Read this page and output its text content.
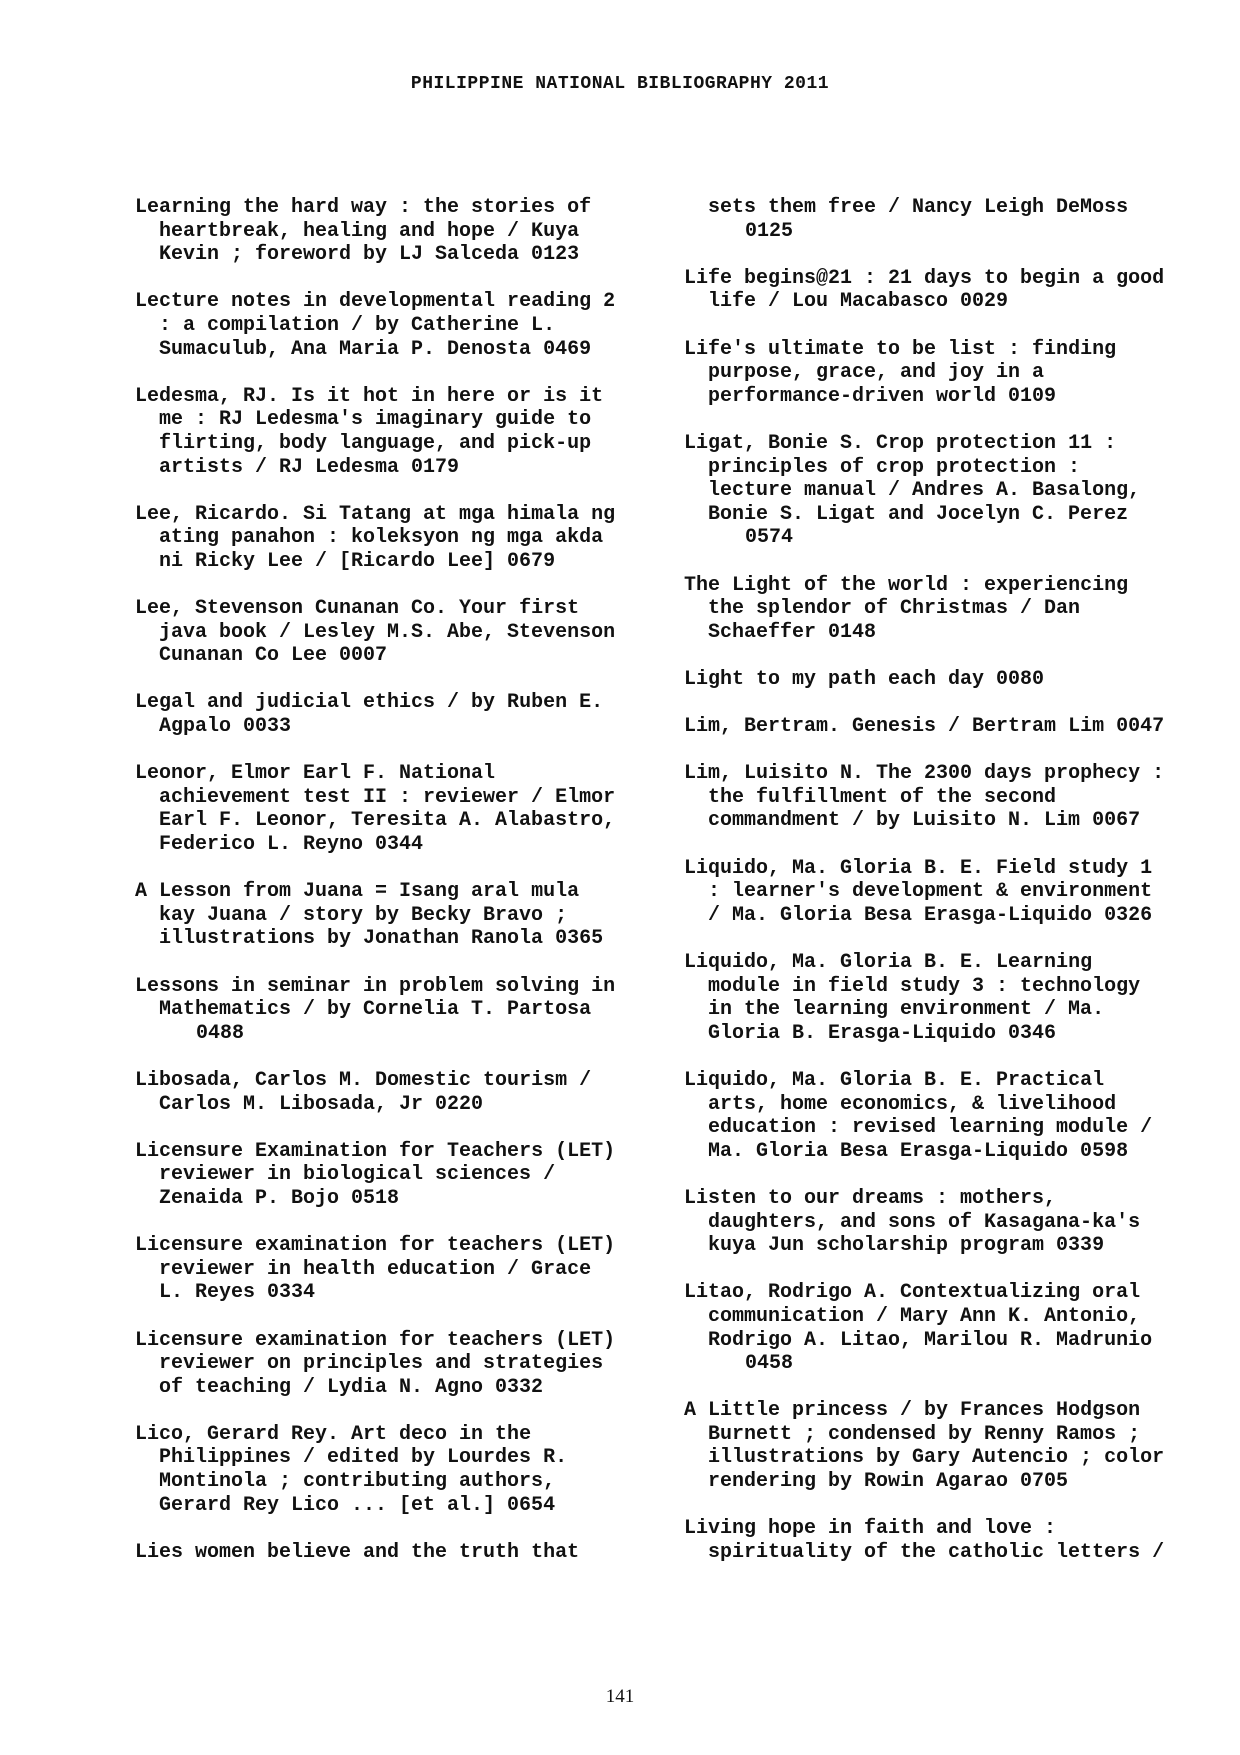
PHILIPPINE NATIONAL BIBLIOGRAPHY 2011
Learning the hard way : the stories of
heartbreak, healing and hope / Kuya
Kevin ; foreword by LJ Salceda 0123
Lecture notes in developmental reading 2
: a compilation / by Catherine L.
Sumaculub, Ana Maria P. Denosta 0469
Ledesma, RJ. Is it hot in here or is it
me : RJ Ledesma's imaginary guide to
flirting, body language, and pick-up
artists / RJ Ledesma 0179
Lee, Ricardo. Si Tatang at mga himala ng
ating panahon : koleksyon ng mga akda
ni Ricky Lee / [Ricardo Lee] 0679
Lee, Stevenson Cunanan Co. Your first
java book / Lesley M.S. Abe, Stevenson
Cunanan Co Lee 0007
Legal and judicial ethics / by Ruben E.
Agpalo 0033
Leonor, Elmor Earl F. National
achievement test II : reviewer / Elmor
Earl F. Leonor, Teresita A. Alabastro,
Federico L. Reyno 0344
A Lesson from Juana = Isang aral mula
kay Juana / story by Becky Bravo ;
illustrations by Jonathan Ranola 0365
Lessons in seminar in problem solving in
Mathematics / by Cornelia T. Partosa
0488
Libosada, Carlos M. Domestic tourism /
Carlos M. Libosada, Jr 0220
Licensure Examination for Teachers (LET)
reviewer in biological sciences /
Zenaida P. Bojo 0518
Licensure examination for teachers (LET)
reviewer in health education / Grace
L. Reyes 0334
Licensure examination for teachers (LET)
reviewer on principles and strategies
of teaching / Lydia N. Agno 0332
Lico, Gerard Rey. Art deco in the
Philippines / edited by Lourdes R.
Montinola ; contributing authors,
Gerard Rey Lico ... [et al.] 0654
Lies women believe and the truth that
sets them free / Nancy Leigh DeMoss
0125
Life begins@21 : 21 days to begin a good
life / Lou Macabasco 0029
Life's ultimate to be list : finding
purpose, grace, and joy in a
performance-driven world 0109
Ligat, Bonie S. Crop protection 11 :
principles of crop protection :
lecture manual / Andres A. Basalong,
Bonie S. Ligat and Jocelyn C. Perez
0574
The Light of the world : experiencing
the splendor of Christmas / Dan
Schaeffer 0148
Light to my path each day 0080
Lim, Bertram. Genesis / Bertram Lim 0047
Lim, Luisito N. The 2300 days prophecy :
the fulfillment of the second
commandment / by Luisito N. Lim 0067
Liquido, Ma. Gloria B. E. Field study 1
: learner's development & environment
/ Ma. Gloria Besa Erasga-Liquido 0326
Liquido, Ma. Gloria B. E. Learning
module in field study 3 : technology
in the learning environment / Ma.
Gloria B. Erasga-Liquido 0346
Liquido, Ma. Gloria B. E. Practical
arts, home economics, & livelihood
education : revised learning module /
Ma. Gloria Besa Erasga-Liquido 0598
Listen to our dreams : mothers,
daughters, and sons of Kasagana-ka's
kuya Jun scholarship program 0339
Litao, Rodrigo A. Contextualizing oral
communication / Mary Ann K. Antonio,
Rodrigo A. Litao, Marilou R. Madrunio
0458
A Little princess / by Frances Hodgson
Burnett ; condensed by Renny Ramos ;
illustrations by Gary Autencio ; color
rendering by Rowin Agarao 0705
Living hope in faith and love :
spirituality of the catholic letters /
141
